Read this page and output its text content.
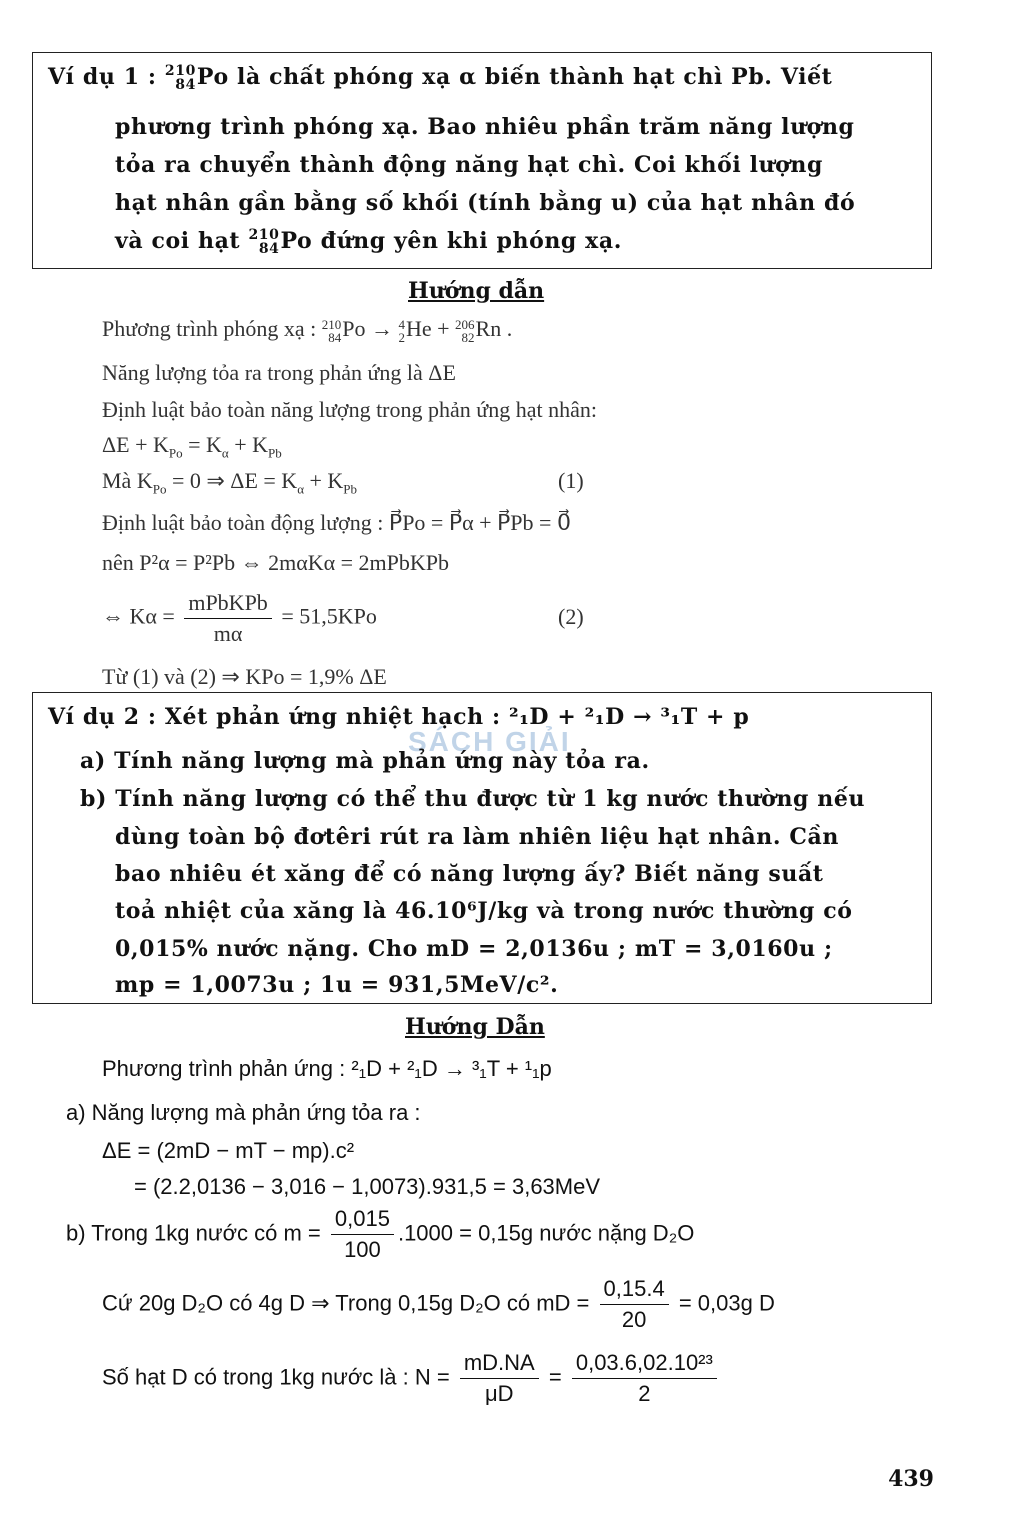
Ví dụ 1 : 210
84 Po là chất phóng xạ α biến thành hạt chì Pb. Viết
phương trình phóng xạ. Bao nhiêu phần trăm năng lượng
tỏa ra chuyển thành động năng hạt chì. Coi khối lượng
hạt nhân gần bằng số khối (tính bằng u) của hạt nhân đó
và coi hạt 210
84 Po đứng yên khi phóng xạ.
Hướng dẫn
Phương trình phóng xạ : 210
84 Po → 4
2 He + 206
82 Rn .
Năng lượng tỏa ra trong phản ứng là ΔE
Định luật bảo toàn năng lượng trong phản ứng hạt nhân:
$\Delta E + K_{Po} = K_\alpha + K_{Pb}$
Mà $K_{Po} = 0$ ⇒ $\Delta E = K_\alpha + K_{Pb}$	(1)
Định luật bảo toàn động lượng : P⃗Po = P⃗α + P⃗Pb = 0⃗
nên P²α = P²Pb ⇔ 2mαKα = 2mPbKPb
⇔ $K\alpha = \frac{\text{mPbKPb}}{m\alpha} = 51,5KPo$	(2)
Từ (1) và (2) ⇒ KPo = 1,9% ΔE
SÁCH GIẢI
Ví dụ 2 : Xét phản ứng nhiệt hạch : ²₁D + ²₁D → ³₁T + p
a) Tính năng lượng mà phản ứng này tỏa ra.
b) Tính năng lượng có thể thu được từ 1 kg nước thường nếu
dùng toàn bộ đơtêri rút ra làm nhiên liệu hạt nhân. Cần
bao nhiêu ét xăng để có năng lượng ấy? Biết năng suất
toả nhiệt của xăng là 46.10⁶J/kg và trong nước thường có
0,015% nước nặng. Cho mD = 2,0136u ; mT = 3,0160u ;
mp = 1,0073u ; 1u = 931,5MeV/c².
Hướng Dẫn
Phương trình phản ứng : ²₁D + ²₁D → ³₁T + ¹₁p
a) Năng lượng mà phản ứng tỏa ra :
ΔE = (2mD − mT − mp).c²
= (2.2,0136 − 3,016 − 1,0073).931,5 = 3,63MeV
b) Trong 1kg nước có $m = \frac{0,015}{100} .1000 = 0,15g$ nước nặng D₂O
Cứ 20g D₂O có 4g D ⇒ Trong 0,15g D₂O có mD = $\frac{0,15.4}{20} = 0,03g$ D
Số hạt D có trong 1kg nước là : $N = \frac{mD.NA}{\mu D} = \frac{\text{0,03.6,02.10²³}}{2}$
439
